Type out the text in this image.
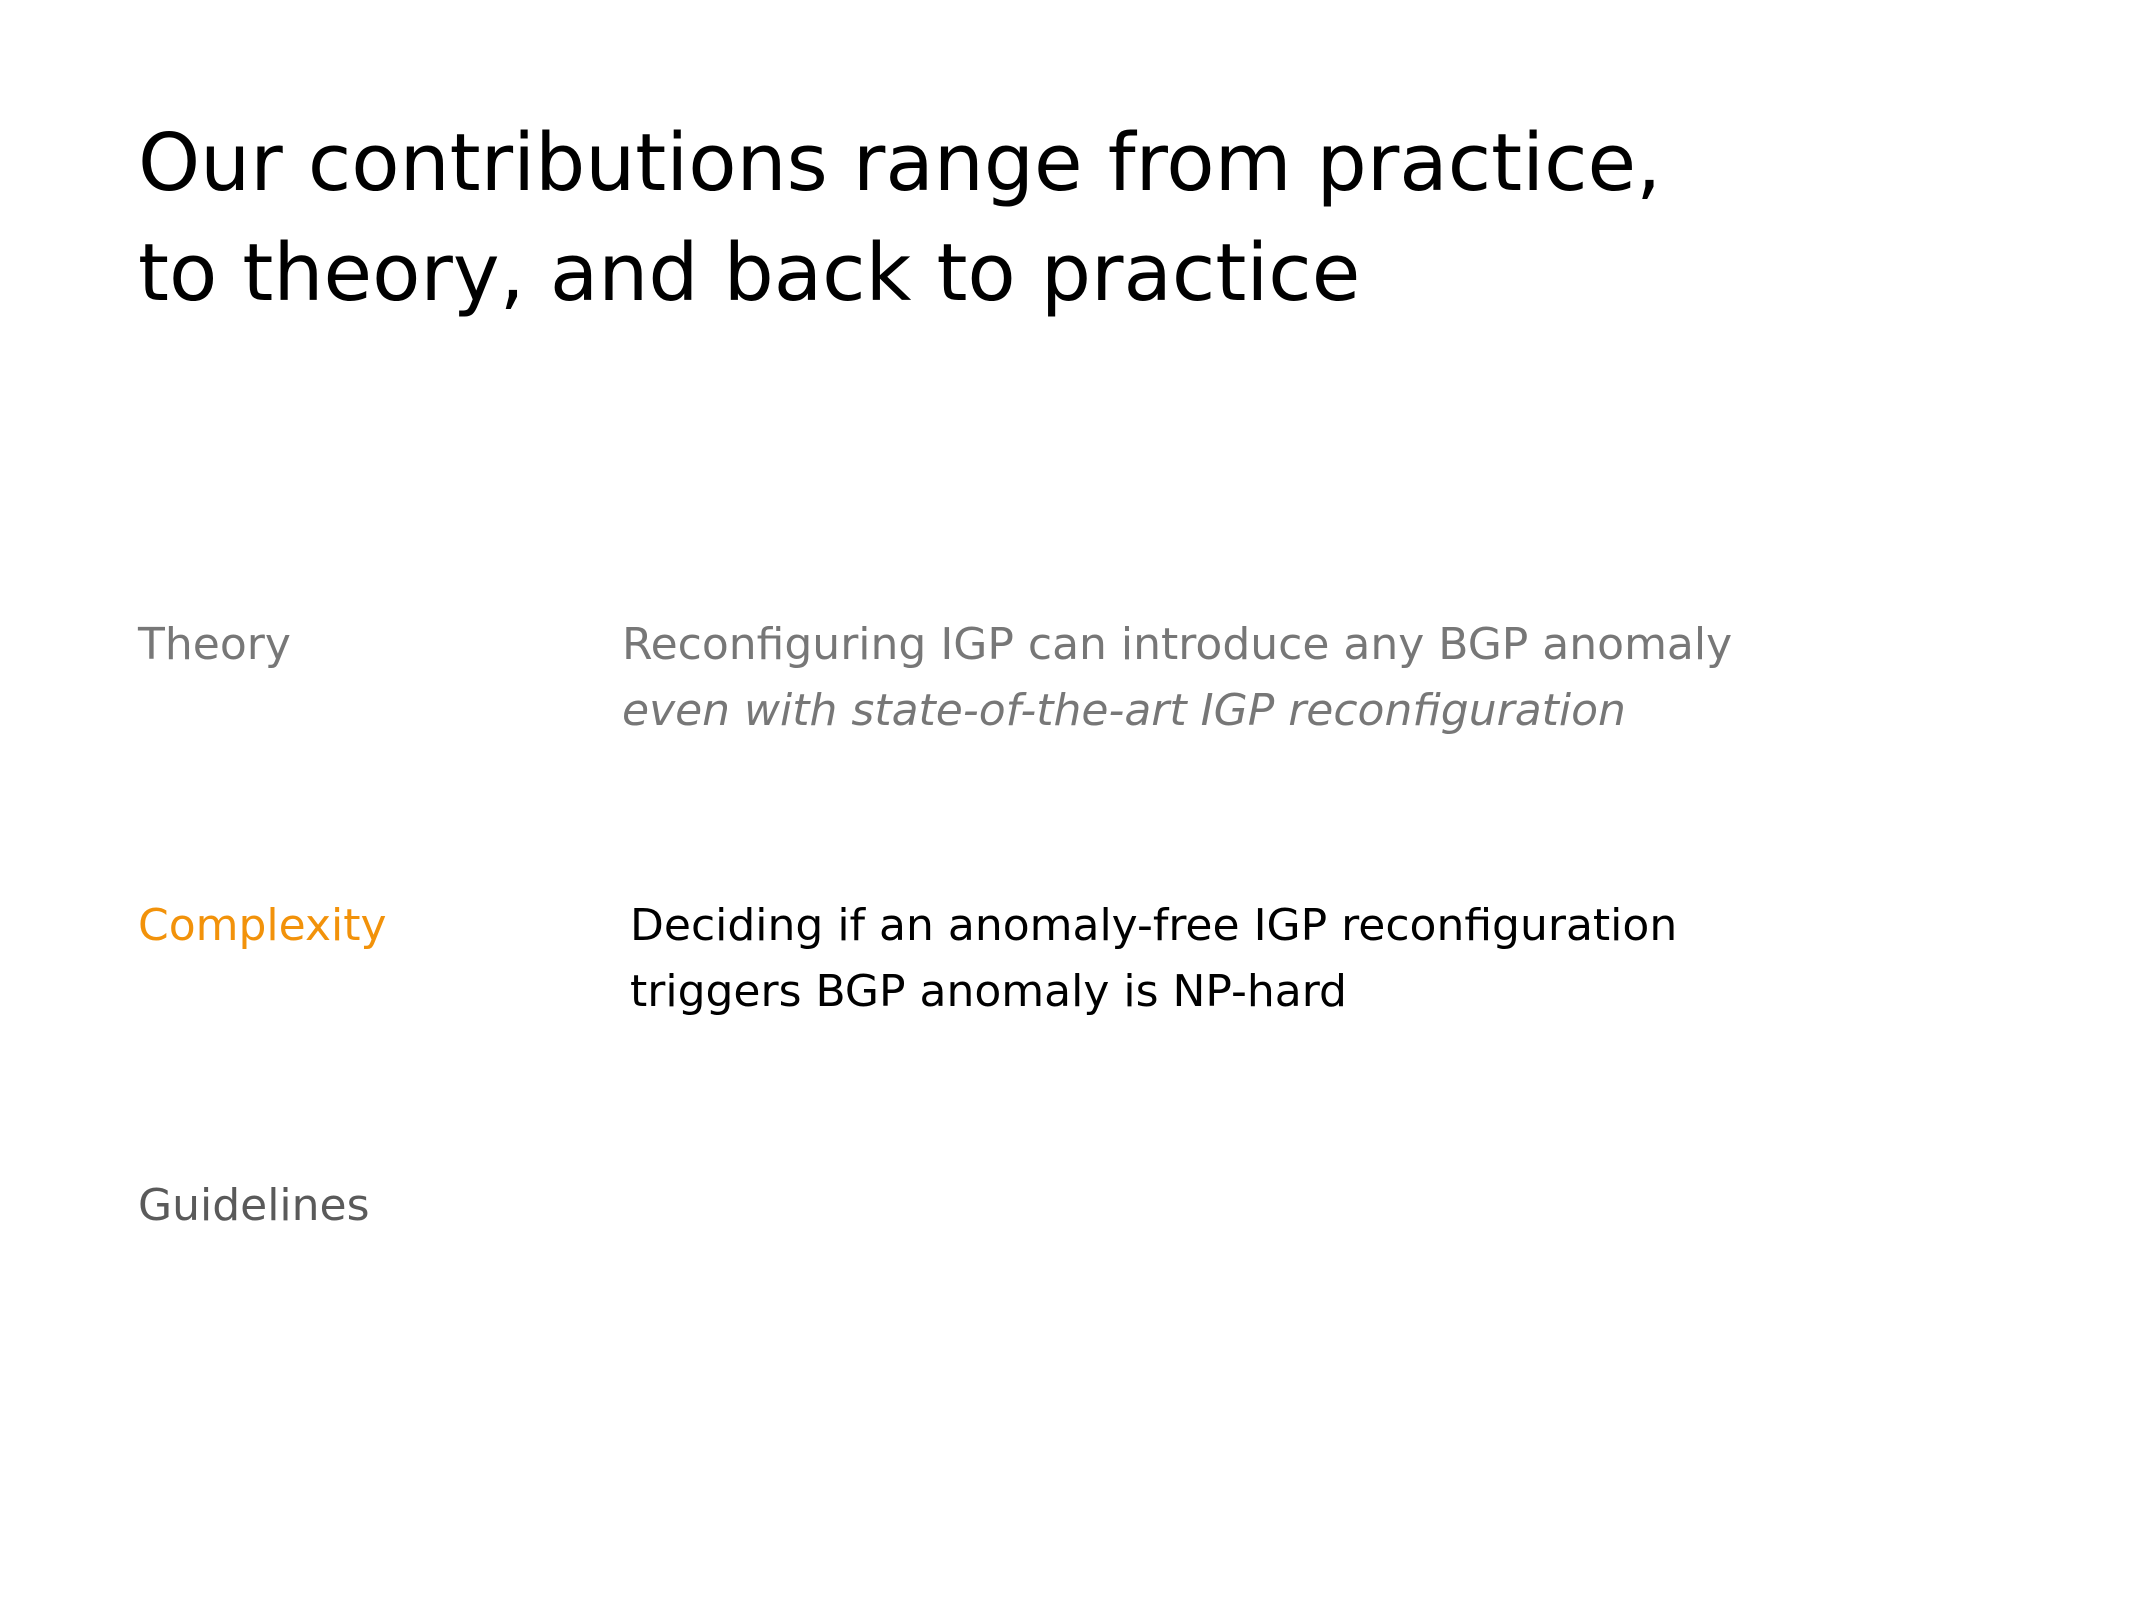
Our contributions range from practice,
to theory, and back to practice
Theory	Reconfiguring IGP can introduce any BGP anomaly
even with state-of-the-art IGP reconfiguration
Complexity	Deciding if an anomaly-free IGP reconfiguration
triggers BGP anomaly is NP-hard
Guidelines
